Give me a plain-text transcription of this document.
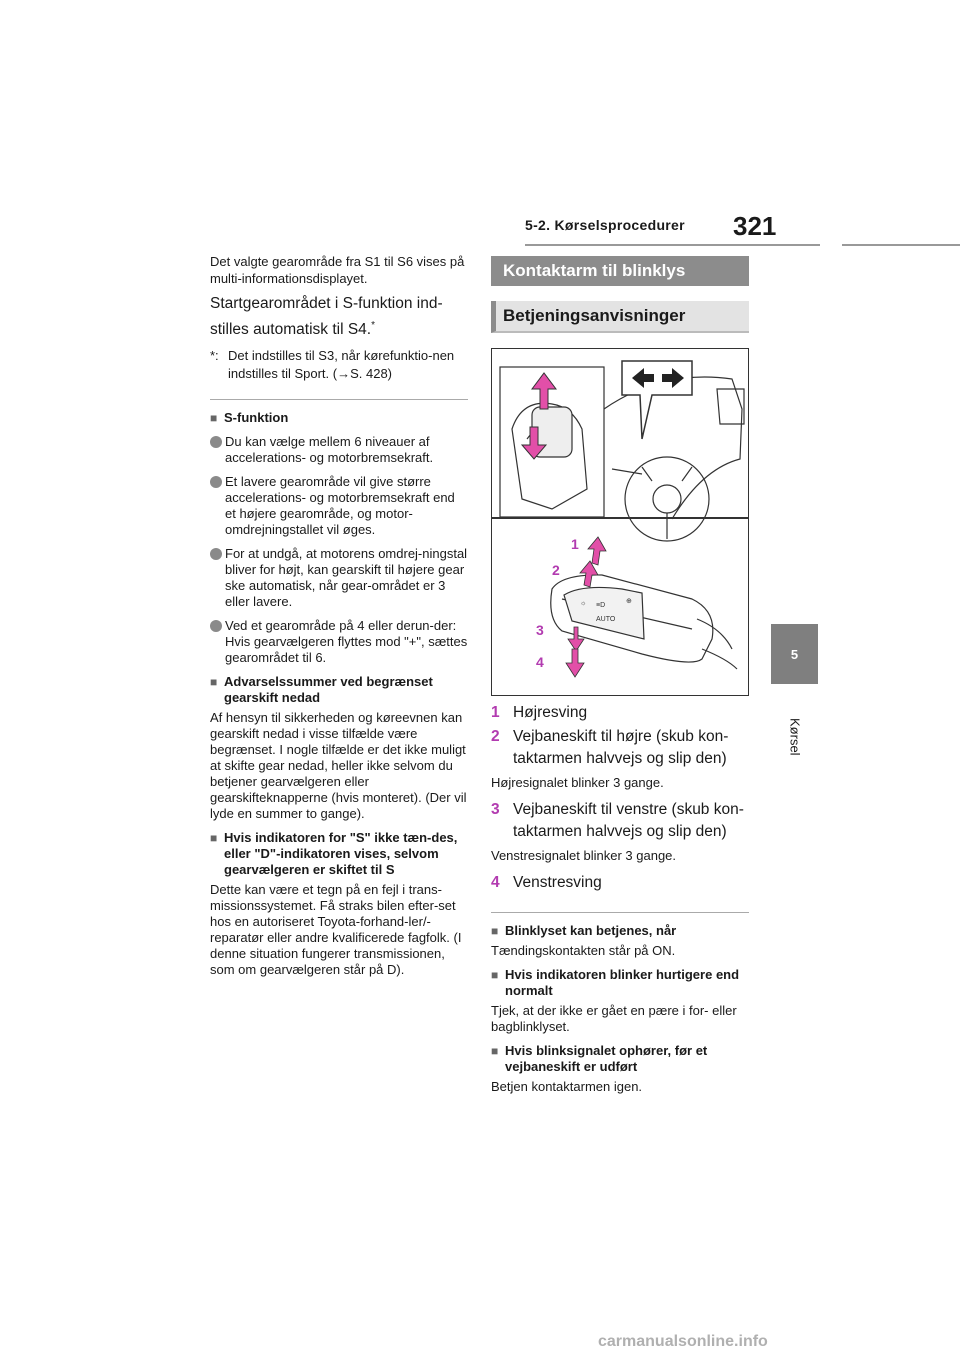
5-2. Kørselsprocedurer 321
5
Kørsel

Det valgte gearområde fra S1 til S6 vises på multi-informationsdisplayet.

Startgearområdet i S-funktion ind-stilles automatisk til S4.*

*: Det indstilles til S3, når kørefunktio-nen indstilles til Sport. (→S. 428)
■ S-funktion
Du kan vælge mellem 6 niveauer af accelerations- og motorbremsekraft.
Et lavere gearområde vil give større accelerations- og motorbremsekraft end et højere gearområde, og motor-omdrejningstallet vil øges.
For at undgå, at motorens omdrej-ningstal bliver for højt, kan gearskift til højere gear ske automatisk, når gear-området er 3 eller lavere.
Ved et gearområde på 4 eller derun-der: Hvis gearvælgeren flyttes mod "+", sættes gearområdet til 6.
■ Advarselssummer ved begrænset gearskift nedad

Af hensyn til sikkerheden og køreevnen kan gearskift nedad i visse tilfælde være begrænset. I nogle tilfælde er det ikke muligt at skifte gear nedad, heller ikke selvom du betjener gearvælgeren eller gearskifteknapperne (hvis monteret). (Der vil lyde en summer to gange).

■ Hvis indikatoren for "S" ikke tæn-des, eller "D"-indikatoren vises, selvom gearvælgeren er skiftet til S

Dette kan være et tegn på en fejl i trans-missionssystemet. Få straks bilen efter-set hos en autoriseret Toyota-forhand-ler/-reparatør eller andre kvalificerede fagfolk. (I denne situation fungerer transmissionen, som om gearvælgeren står på D).

Kontaktarm til blinklys
Betjeningsanvisninger
☼ ≡D
AUTO
⊕
1
2
3
4
1 Højresving
2 Vejbaneskift til højre (skub kon-taktarmen halvvejs og slip den)

Højresignalet blinker 3 gange.

3 Vejbaneskift til venstre (skub kon-taktarmen halvvejs og slip den)

Venstresignalet blinker 3 gange.

4 Venstresving
■ Blinklyset kan betjenes, når

Tændingskontakten står på ON.

■ Hvis indikatoren blinker hurtigere end normalt

Tjek, at der ikke er gået en pære i for- eller bagblinklyset.

■ Hvis blinksignalet ophører, før et vejbaneskift er udført

Betjen kontaktarmen igen.

carmanualsonline.info
